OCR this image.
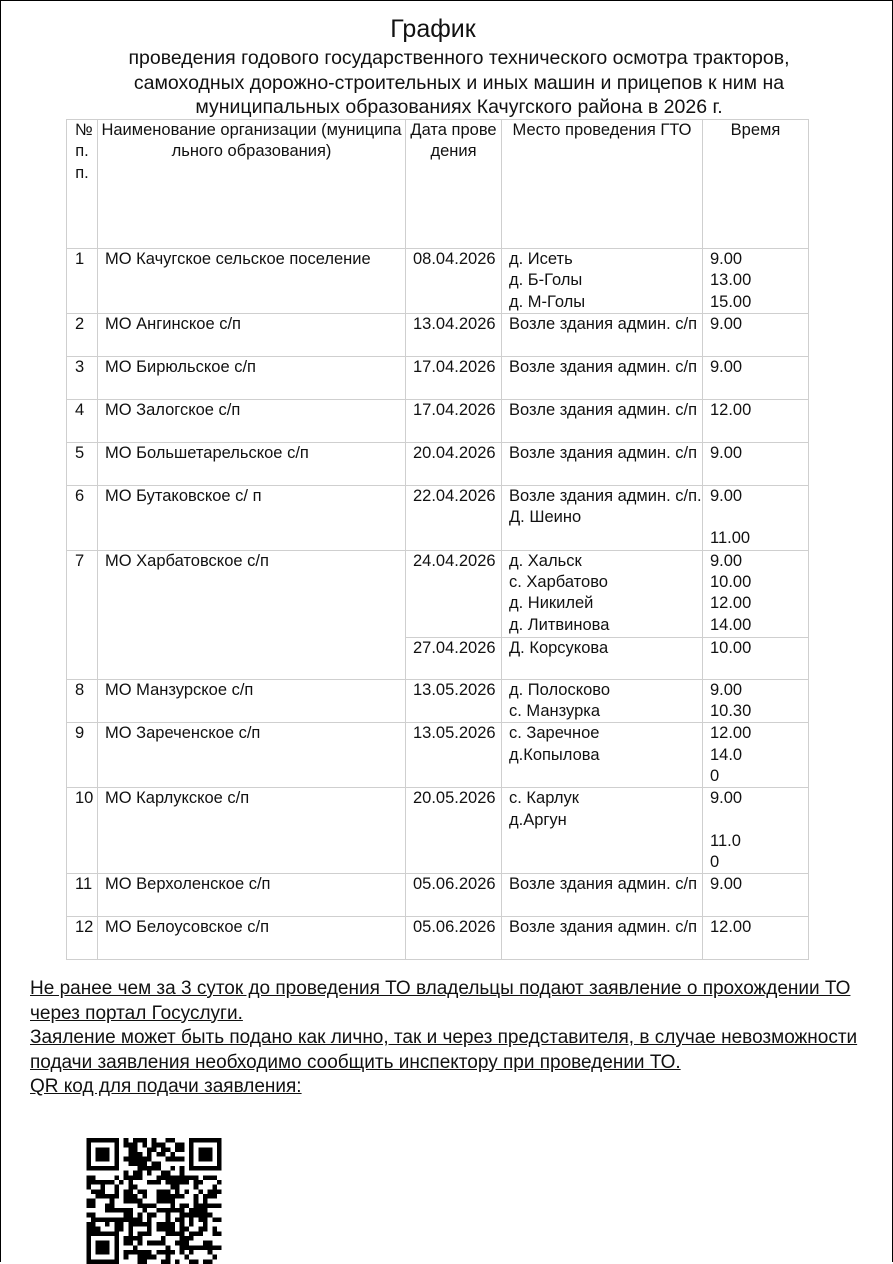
График
проведения годового государственного технического осмотра тракторов,
самоходных дорожно-строительных и иных машин и прицепов к ним на
муниципальных образованиях Качугского района в 2026 г.
№ п.п.	Наименование организации (муниципального образования)	Дата проведения	Место проведения ГТО	Время
1	МО Качугское сельское поселение	08.04.2026	д. Исеть
д. Б-Голы
д. М-Голы	9.00
13.00
15.00

2	МО Ангинское с/п	13.04.2026	Возле здания админ. с/п	9.00

3	МО Бирюльское с/п	17.04.2026	Возле здания админ. с/п	9.00

4	МО Залогское с/п	17.04.2026	Возле здания админ. с/п	12.00

5	МО Большетарельское с/п	20.04.2026	Возле здания админ. с/п	9.00

6	МО Бутаковское с/ п	22.04.2026	Возле здания админ. с/п.
Д. Шеино	9.00
11.00

7	МО Харбатовское с/п	24.04.2026	д. Хальск
с. Харбатово
д. Никилей
д. Литвинова	9.00
10.00
12.00
14.00

		27.04.2026	Д. Корсукова	10.00

8	МО Манзурское с/п	13.05.2026	д. Полосково
с. Манзурка	9.00
10.30

9	МО Зареченское с/п	13.05.2026	с. Заречное
д.Копылова	12.00
14.0
0

10	МО Карлукское с/п	20.05.2026	с. Карлук
д.Аргун	9.00
11.0
0

11	МО Верхоленское с/п	05.06.2026	Возле здания админ. с/п	9.00

12	МО Белоусовское с/п	05.06.2026	Возле здания админ. с/п	12.00

Не ранее чем за 3 суток до проведения ТО владельцы подают заявление о прохождении ТО через портал Госуслуги.

Заяление может быть подано как лично, так и через представителя, в случае невозможности подачи заявления необходимо сообщить инспектору при проведении ТО.

QR код для подачи заявления:
